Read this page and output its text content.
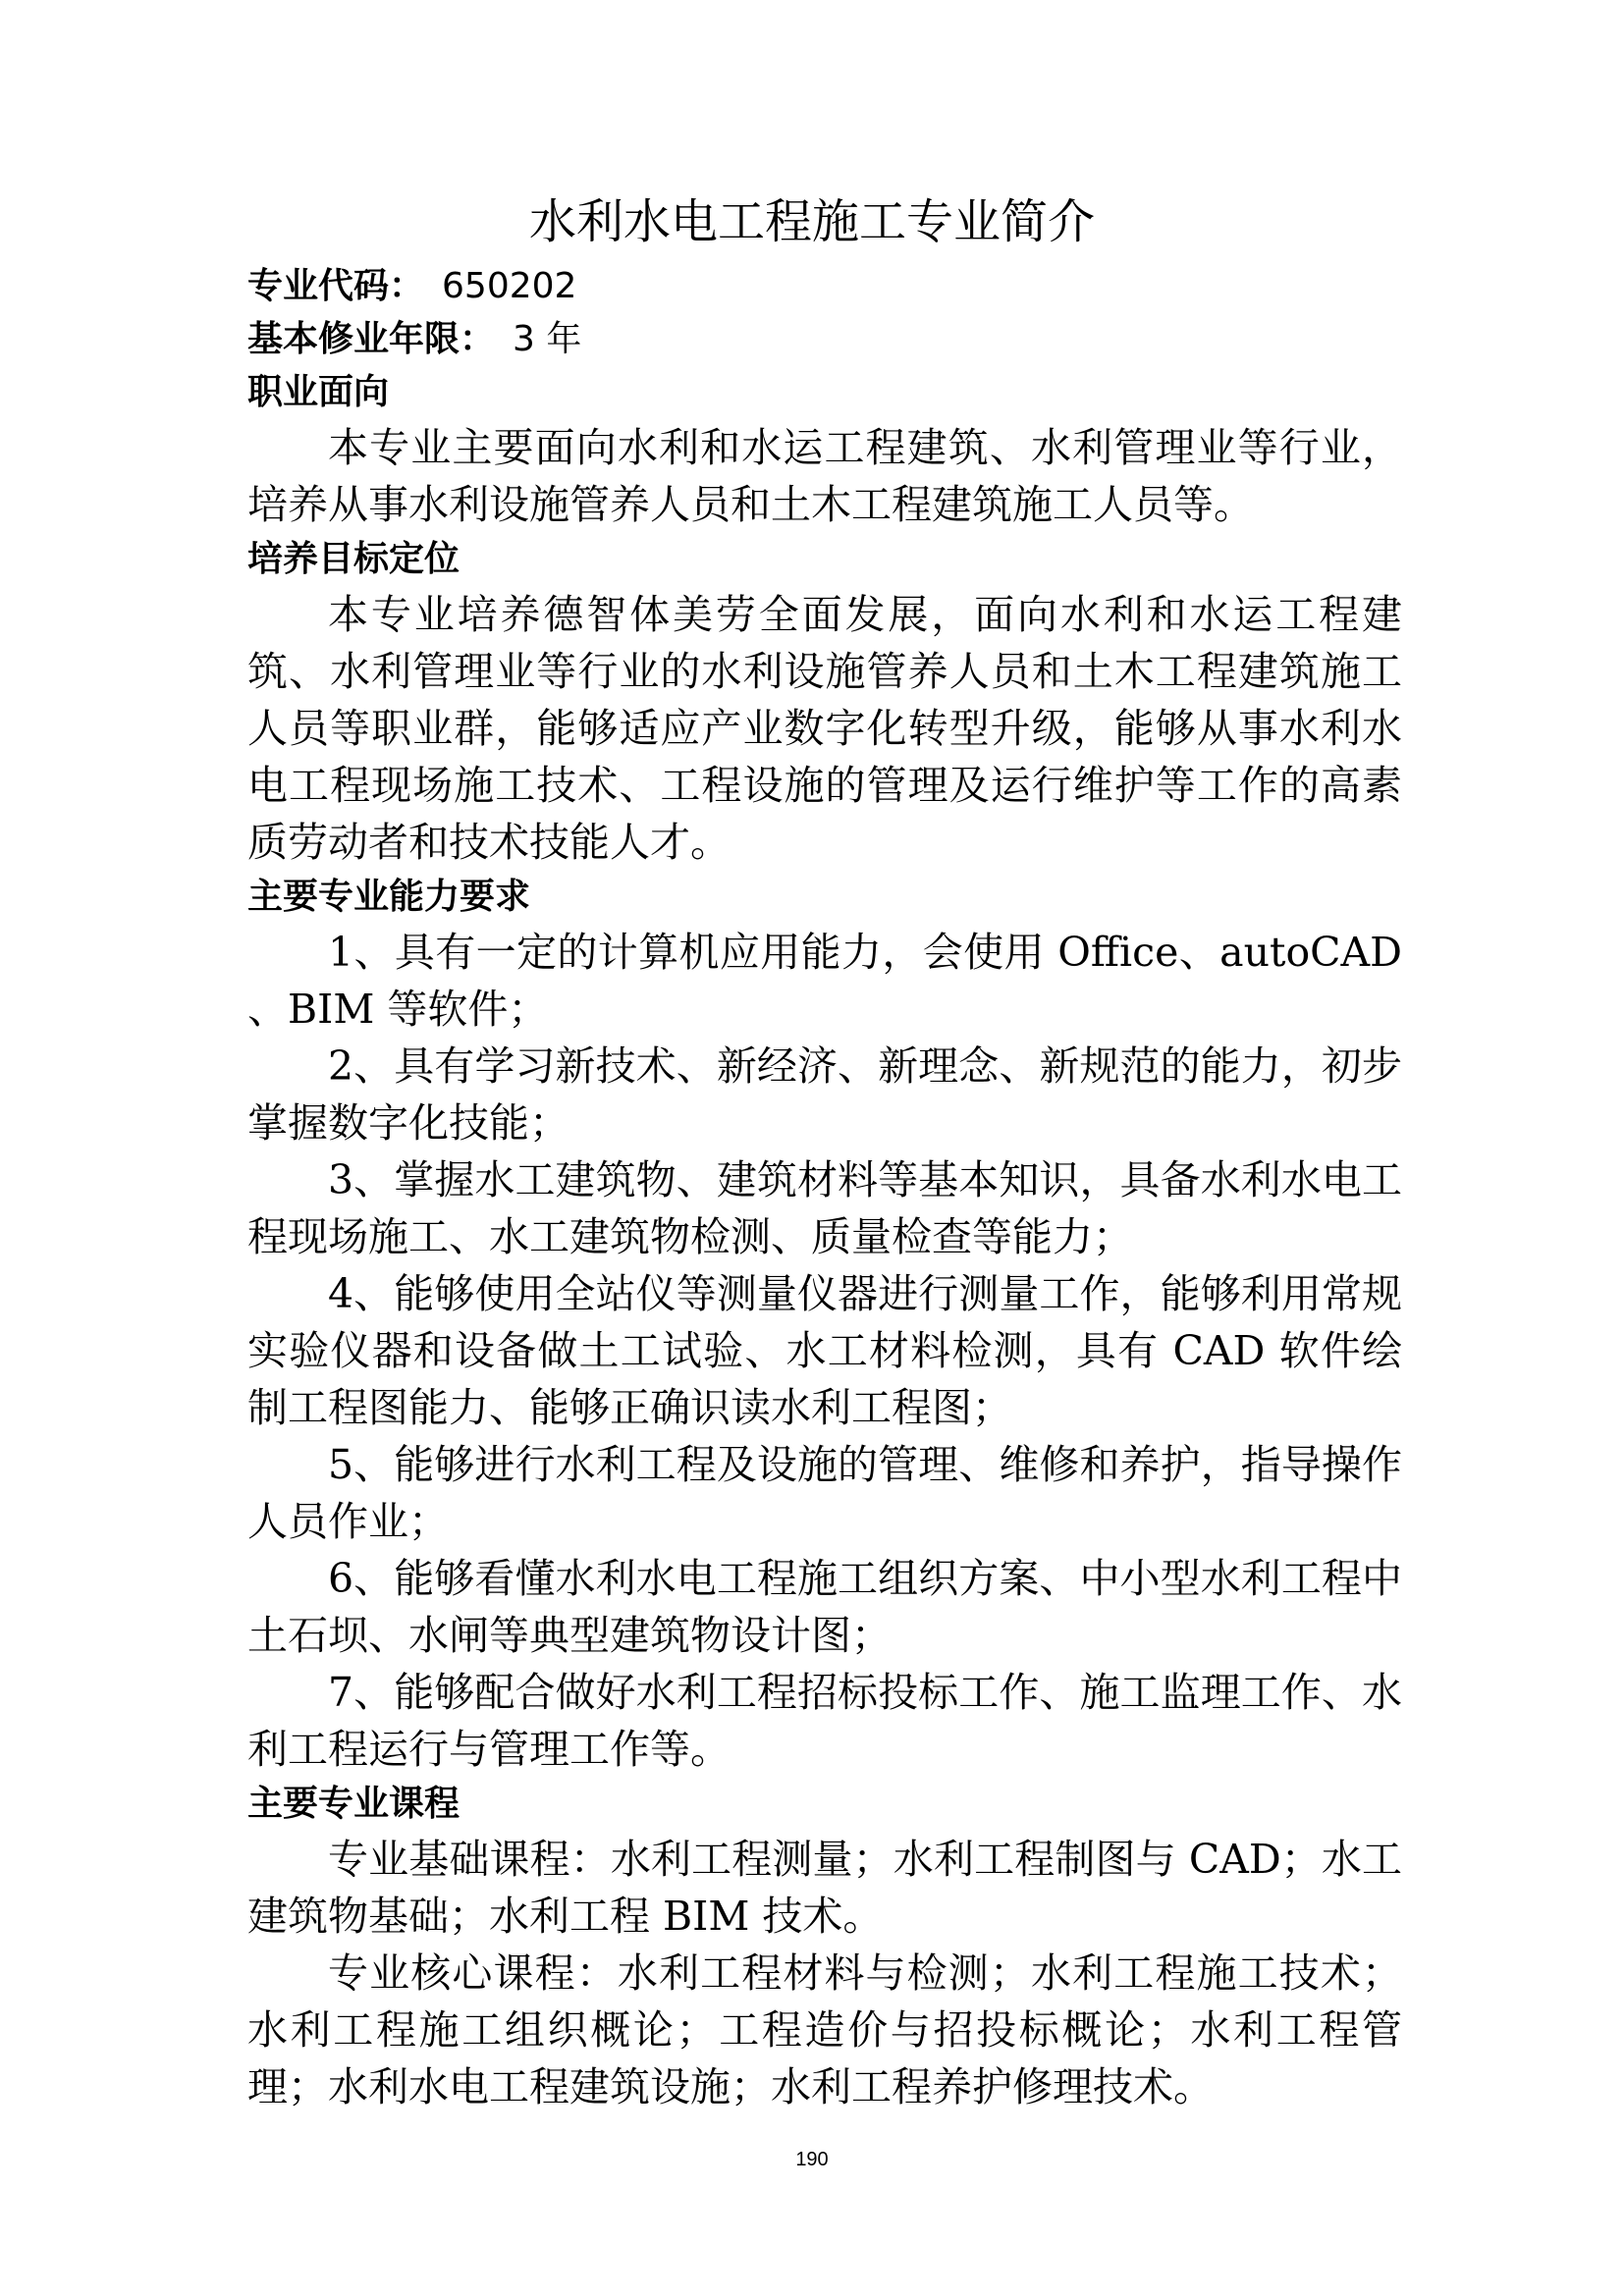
水利水电工程施工专业简介

专业代码： 650202

基本修业年限： 3 年

职业面向

本专业主要面向水利和水运工程建筑、水利管理业等行业，培养从事水利设施管养人员和土木工程建筑施工人员等。

培养目标定位

本专业培养德智体美劳全面发展，面向水利和水运工程建筑、水利管理业等行业的水利设施管养人员和土木工程建筑施工人员等职业群，能够适应产业数字化转型升级，能够从事水利水电工程现场施工技术、工程设施的管理及运行维护等工作的高素质劳动者和技术技能人才。

主要专业能力要求

1、具有一定的计算机应用能力，会使用 Office、autoCAD 、BIM 等软件；

2、具有学习新技术、新经济、新理念、新规范的能力，初步掌握数字化技能；

3、掌握水工建筑物、建筑材料等基本知识，具备水利水电工程现场施工、水工建筑物检测、质量检查等能力；

4、能够使用全站仪等测量仪器进行测量工作，能够利用常规实验仪器和设备做土工试验、水工材料检测，具有 CAD 软件绘制工程图能力、能够正确识读水利工程图；

5、能够进行水利工程及设施的管理、维修和养护，指导操作人员作业；

6、能够看懂水利水电工程施工组织方案、中小型水利工程中土石坝、水闸等典型建筑物设计图；

7、能够配合做好水利工程招标投标工作、施工监理工作、水利工程运行与管理工作等。

主要专业课程

专业基础课程：水利工程测量；水利工程制图与 CAD；水工建筑物基础；水利工程 BIM 技术。

专业核心课程：水利工程材料与检测；水利工程施工技术；水利工程施工组织概论；工程造价与招投标概论；水利工程管理；水利水电工程建筑设施；水利工程养护修理技术。

190
